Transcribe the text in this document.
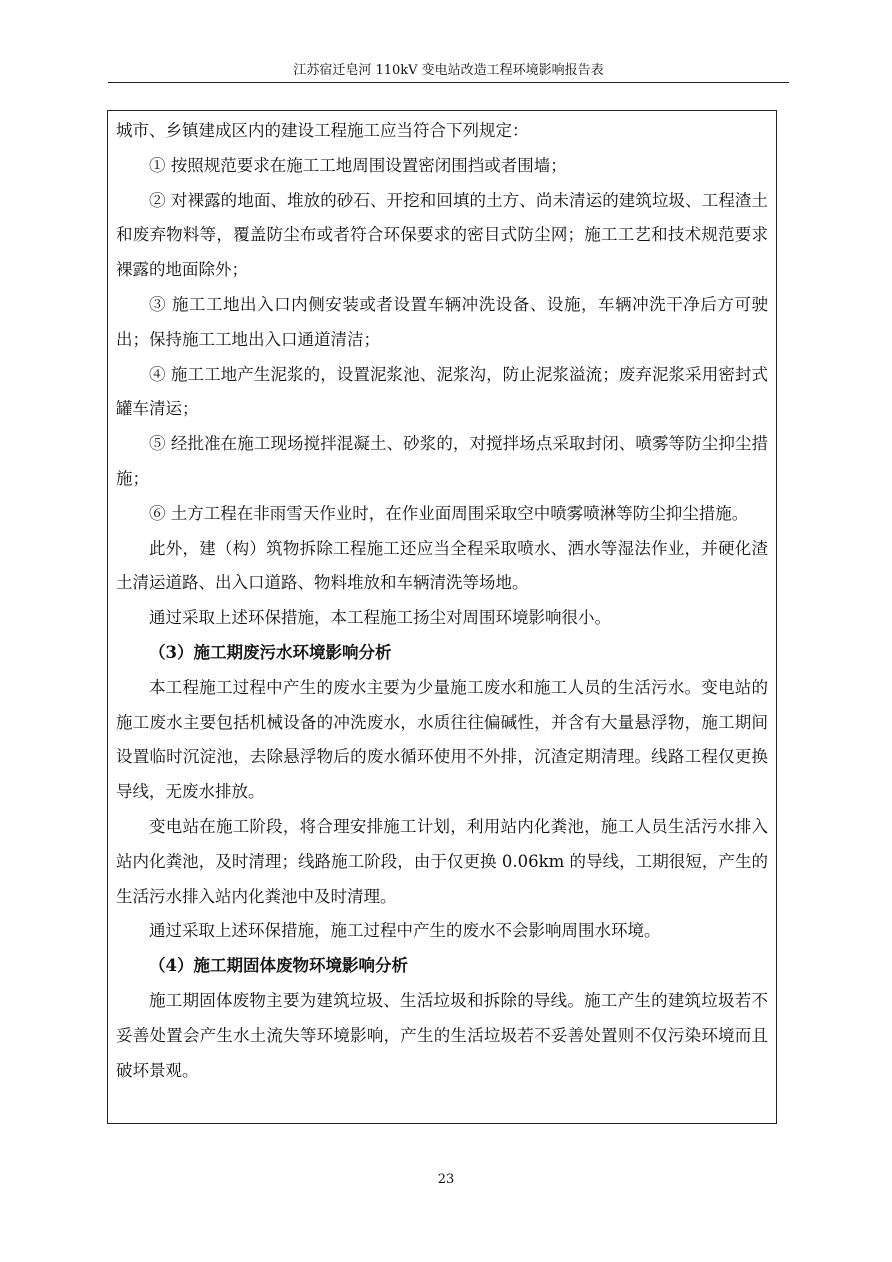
江苏宿迁皂河 110kV 变电站改造工程环境影响报告表

城市、乡镇建成区内的建设工程施工应当符合下列规定：

① 按照规范要求在施工工地周围设置密闭围挡或者围墙；

② 对裸露的地面、堆放的砂石、开挖和回填的土方、尚未清运的建筑垃圾、工程渣土和废弃物料等，覆盖防尘布或者符合环保要求的密目式防尘网；施工工艺和技术规范要求裸露的地面除外；

③ 施工工地出入口内侧安装或者设置车辆冲洗设备、设施，车辆冲洗干净后方可驶出；保持施工工地出入口通道清洁；

④ 施工工地产生泥浆的，设置泥浆池、泥浆沟，防止泥浆溢流；废弃泥浆采用密封式罐车清运；

⑤ 经批准在施工现场搅拌混凝土、砂浆的，对搅拌场点采取封闭、喷雾等防尘抑尘措施；

⑥ 土方工程在非雨雪天作业时，在作业面周围采取空中喷雾喷淋等防尘抑尘措施。

此外，建（构）筑物拆除工程施工还应当全程采取喷水、洒水等湿法作业，并硬化渣土清运道路、出入口道路、物料堆放和车辆清洗等场地。

通过采取上述环保措施，本工程施工扬尘对周围环境影响很小。

（3）施工期废污水环境影响分析

本工程施工过程中产生的废水主要为少量施工废水和施工人员的生活污水。变电站的施工废水主要包括机械设备的冲洗废水，水质往往偏碱性，并含有大量悬浮物，施工期间设置临时沉淀池，去除悬浮物后的废水循环使用不外排，沉渣定期清理。线路工程仅更换导线，无废水排放。

变电站在施工阶段，将合理安排施工计划，利用站内化粪池，施工人员生活污水排入站内化粪池，及时清理；线路施工阶段，由于仅更换 0.06km 的导线，工期很短，产生的生活污水排入站内化粪池中及时清理。

通过采取上述环保措施，施工过程中产生的废水不会影响周围水环境。

（4）施工期固体废物环境影响分析

施工期固体废物主要为建筑垃圾、生活垃圾和拆除的导线。施工产生的建筑垃圾若不妥善处置会产生水土流失等环境影响，产生的生活垃圾若不妥善处置则不仅污染环境而且破坏景观。

23
